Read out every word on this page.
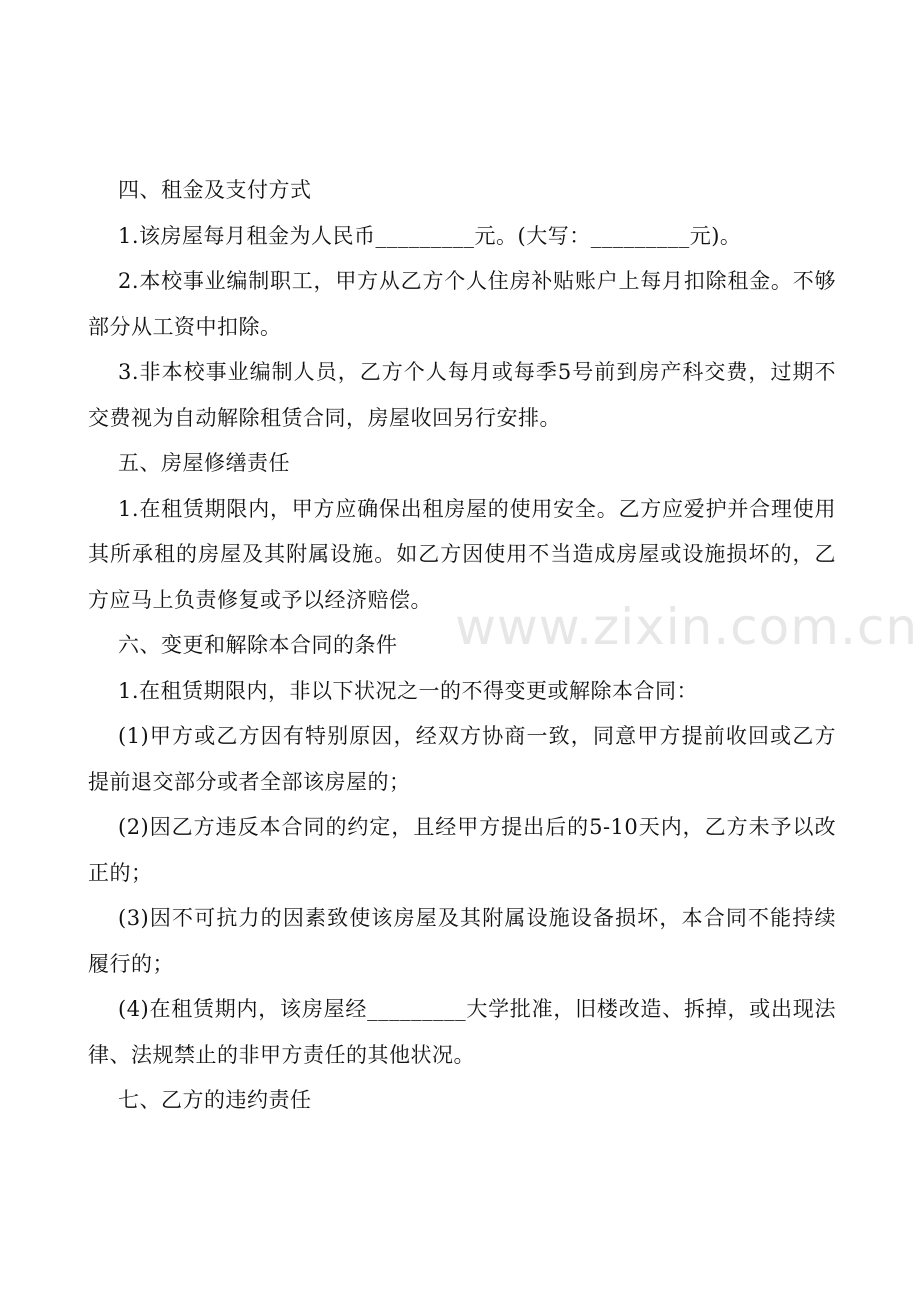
四、租金及支付方式

1.该房屋每月租金为人民币_________元。(大写：_________元)。

2.本校事业编制职工，甲方从乙方个人住房补贴账户上每月扣除租金。不够部分从工资中扣除。

3.非本校事业编制人员，乙方个人每月或每季5号前到房产科交费，过期不交费视为自动解除租赁合同，房屋收回另行安排。

五、房屋修缮责任

1.在租赁期限内，甲方应确保出租房屋的使用安全。乙方应爱护并合理使用其所承租的房屋及其附属设施。如乙方因使用不当造成房屋或设施损坏的，乙方应马上负责修复或予以经济赔偿。

六、变更和解除本合同的条件

1.在租赁期限内，非以下状况之一的不得变更或解除本合同：

(1)甲方或乙方因有特别原因，经双方协商一致，同意甲方提前收回或乙方提前退交部分或者全部该房屋的；

(2)因乙方违反本合同的约定，且经甲方提出后的5-10天内，乙方未予以改正的；

(3)因不可抗力的因素致使该房屋及其附属设施设备损坏，本合同不能持续履行的；

(4)在租赁期内，该房屋经_________大学批准，旧楼改造、拆掉，或出现法律、法规禁止的非甲方责任的其他状况。

七、乙方的违约责任

www.zixin.com.cn
